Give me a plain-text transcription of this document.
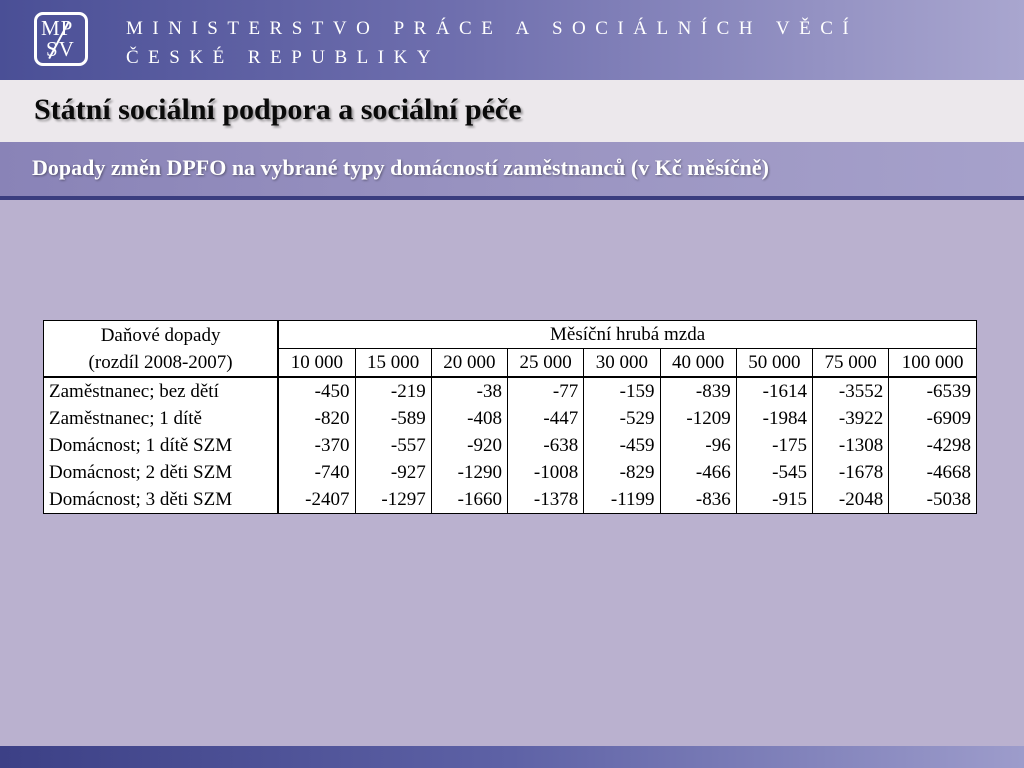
MP
SV
MINISTERSTVO PRÁCE A SOCIÁLNÍCH VĚCÍ
ČESKÉ REPUBLIKY
Státní sociální podpora a sociální péče
Dopady změn DPFO na vybrané typy domácností zaměstnanců (v Kč měsíčně)
Daňové dopady
(rozdíl 2008-2007)	Měsíční hrubá mzda								
	10 000	15 000	20 000	25 000	30 000	40 000	50 000	75 000	100 000
Zaměstnanec; bez dětí	-450	-219	-38	-77	-159	-839	-1614	-3552	-6539
Zaměstnanec; 1 dítě	-820	-589	-408	-447	-529	-1209	-1984	-3922	-6909
Domácnost; 1 dítě SZM	-370	-557	-920	-638	-459	-96	-175	-1308	-4298
Domácnost; 2 děti SZM	-740	-927	-1290	-1008	-829	-466	-545	-1678	-4668
Domácnost; 3 děti SZM	-2407	-1297	-1660	-1378	-1199	-836	-915	-2048	-5038
